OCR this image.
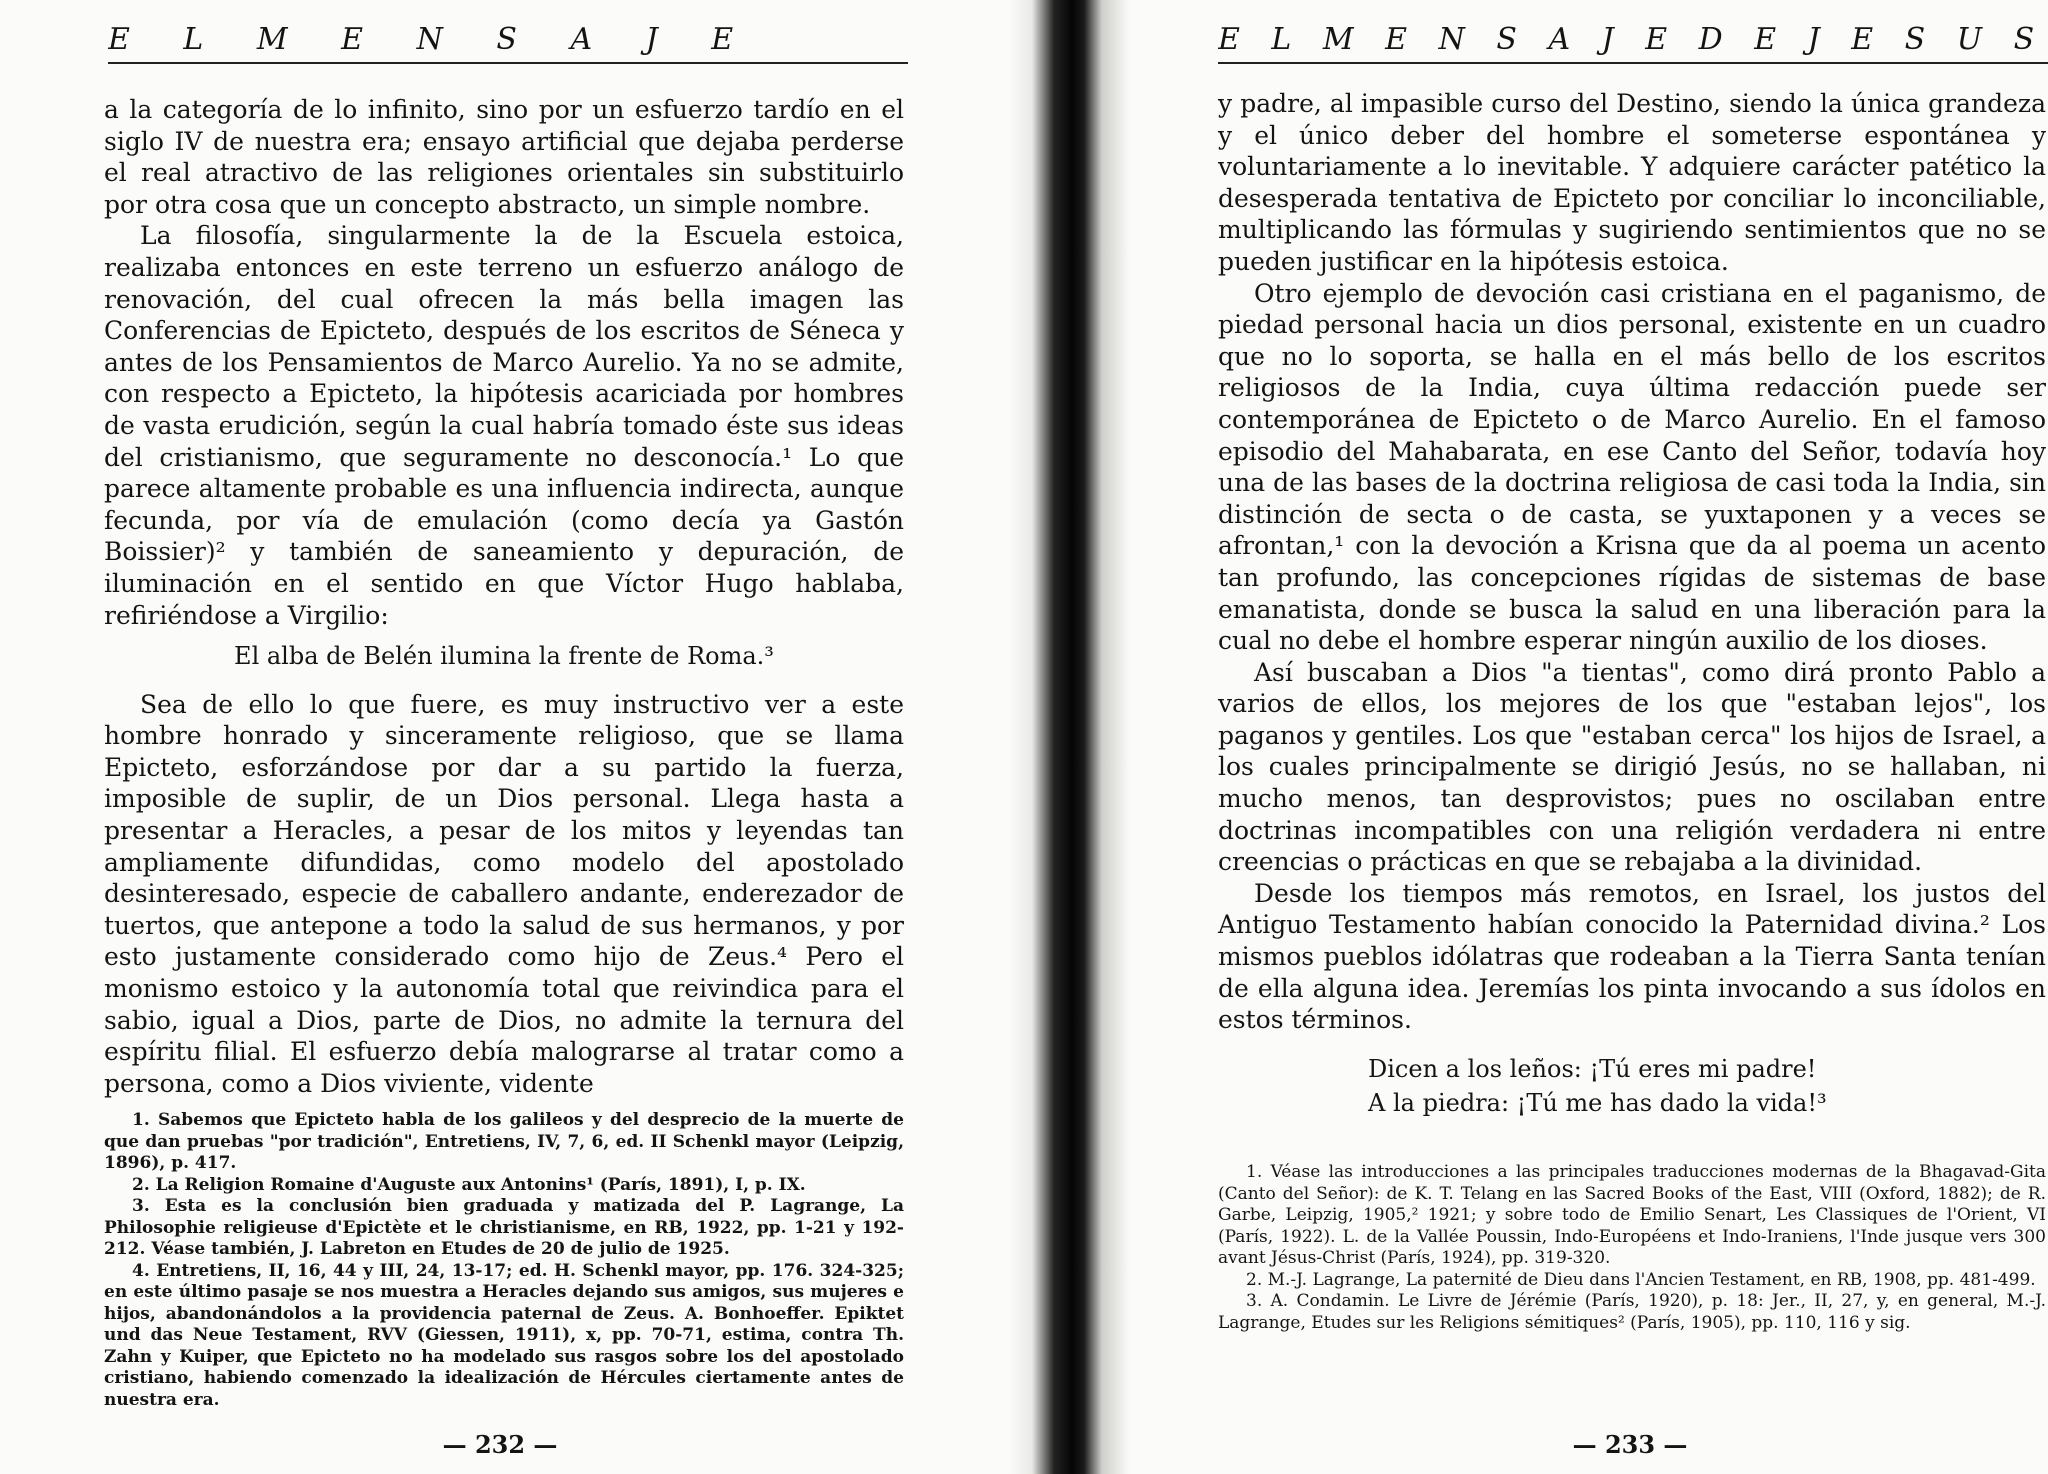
E L M E N S A J E

a la categoría de lo infinito, sino por un esfuerzo tardío en el siglo IV de nuestra era; ensayo artificial que dejaba perderse el real atractivo de las religiones orientales sin substituirlo por otra cosa que un concepto abstracto, un simple nombre.

La filosofía, singularmente la de la Escuela estoica, realizaba entonces en este terreno un esfuerzo análogo de renovación, del cual ofrecen la más bella imagen las Conferencias de Epicteto, después de los escritos de Séneca y antes de los Pensamientos de Marco Aurelio. Ya no se admite, con respecto a Epicteto, la hipótesis acariciada por hombres de vasta erudición, según la cual habría tomado éste sus ideas del cristianismo, que seguramente no desconocía.¹ Lo que parece altamente probable es una influencia indirecta, aunque fecunda, por vía de emulación (como decía ya Gastón Boissier)² y también de saneamiento y depuración, de iluminación en el sentido en que Víctor Hugo hablaba, refiriéndose a Virgilio:

El alba de Belén ilumina la frente de Roma.³

Sea de ello lo que fuere, es muy instructivo ver a este hombre honrado y sinceramente religioso, que se llama Epicteto, esforzándose por dar a su partido la fuerza, imposible de suplir, de un Dios personal. Llega hasta a presentar a Heracles, a pesar de los mitos y leyendas tan ampliamente difundidas, como modelo del apostolado desinteresado, especie de caballero andante, enderezador de tuertos, que antepone a todo la salud de sus hermanos, y por esto justamente considerado como hijo de Zeus.⁴ Pero el monismo estoico y la autonomía total que reivindica para el sabio, igual a Dios, parte de Dios, no admite la ternura del espíritu filial. El esfuerzo debía malograrse al tratar como a persona, como a Dios viviente, vidente

1. Sabemos que Epicteto habla de los galileos y del desprecio de la muerte de que dan pruebas "por tradición", Entretiens, IV, 7, 6, ed. II Schenkl mayor (Leipzig, 1896), p. 417.

2. La Religion Romaine d'Auguste aux Antonins¹ (París, 1891), I, p. IX.

3. Esta es la conclusión bien graduada y matizada del P. Lagrange, La Philosophie religieuse d'Epictète et le christianisme, en RB, 1922, pp. 1-21 y 192-212. Véase también, J. Labreton en Etudes de 20 de julio de 1925.

4. Entretiens, II, 16, 44 y III, 24, 13-17; ed. H. Schenkl mayor, pp. 176. 324-325; en este último pasaje se nos muestra a Heracles dejando sus amigos, sus mujeres e hijos, abandonándolos a la providencia paternal de Zeus. A. Bonhoeffer. Epiktet und das Neue Testament, RVV (Giessen, 1911), x, pp. 70-71, estima, contra Th. Zahn y Kuiper, que Epicteto no ha modelado sus rasgos sobre los del apostolado cristiano, habiendo comenzado la idealización de Hércules ciertamente antes de nuestra era.

— 232 —
E L M E N S A J E D E J E S U S

y padre, al impasible curso del Destino, siendo la única grandeza y el único deber del hombre el someterse espontánea y voluntariamente a lo inevitable. Y adquiere carácter patético la desesperada tentativa de Epicteto por conciliar lo inconciliable, multiplicando las fórmulas y sugiriendo sentimientos que no se pueden justificar en la hipótesis estoica.

Otro ejemplo de devoción casi cristiana en el paganismo, de piedad personal hacia un dios personal, existente en un cuadro que no lo soporta, se halla en el más bello de los escritos religiosos de la India, cuya última redacción puede ser contemporánea de Epicteto o de Marco Aurelio. En el famoso episodio del Mahabarata, en ese Canto del Señor, todavía hoy una de las bases de la doctrina religiosa de casi toda la India, sin distinción de secta o de casta, se yuxtaponen y a veces se afrontan,¹ con la devoción a Krisna que da al poema un acento tan profundo, las concepciones rígidas de sistemas de base emanatista, donde se busca la salud en una liberación para la cual no debe el hombre esperar ningún auxilio de los dioses.

Así buscaban a Dios "a tientas", como dirá pronto Pablo a varios de ellos, los mejores de los que "estaban lejos", los paganos y gentiles. Los que "estaban cerca" los hijos de Israel, a los cuales principalmente se dirigió Jesús, no se hallaban, ni mucho menos, tan desprovistos; pues no oscilaban entre doctrinas incompatibles con una religión verdadera ni entre creencias o prácticas en que se rebajaba a la divinidad.

Desde los tiempos más remotos, en Israel, los justos del Antiguo Testamento habían conocido la Paternidad divina.² Los mismos pueblos idólatras que rodeaban a la Tierra Santa tenían de ella alguna idea. Jeremías los pinta invocando a sus ídolos en estos términos.

Dicen a los leños: ¡Tú eres mi padre!
A la piedra: ¡Tú me has dado la vida!³

1. Véase las introducciones a las principales traducciones modernas de la Bhagavad-Gita (Canto del Señor): de K. T. Telang en las Sacred Books of the East, VIII (Oxford, 1882); de R. Garbe, Leipzig, 1905,² 1921; y sobre todo de Emilio Senart, Les Classiques de l'Orient, VI (París, 1922). L. de la Vallée Poussin, Indo-Européens et Indo-Iraniens, l'Inde jusque vers 300 avant Jésus-Christ (París, 1924), pp. 319-320.

2. M.-J. Lagrange, La paternité de Dieu dans l'Ancien Testament, en RB, 1908, pp. 481-499.

3. A. Condamin. Le Livre de Jérémie (París, 1920), p. 18: Jer., II, 27, y, en general, M.-J. Lagrange, Etudes sur les Religions sémitiques² (París, 1905), pp. 110, 116 y sig.

— 233 —
